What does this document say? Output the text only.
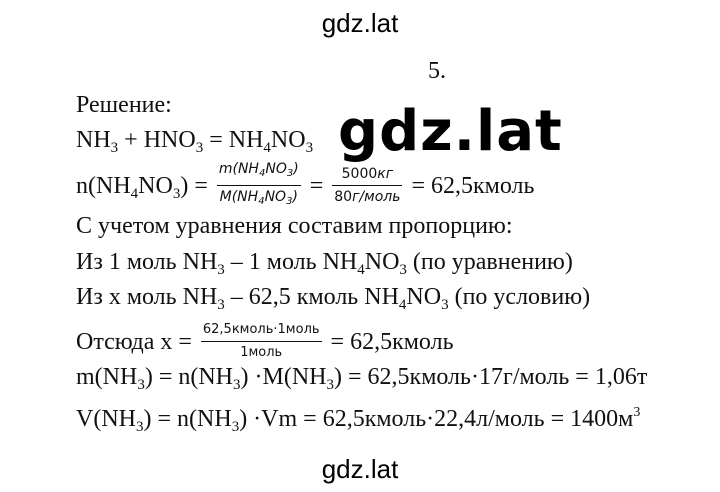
gdz.lat
5.
Решение:
$NH_3 + HNO_3 = NH_4NO_3$
$n(NH_4NO_3) = \frac{m(NH_4NO_3)}{M(NH_4NO_3)} = \frac{5000кг}{\text{80г/моль}}$ = 62,5кмоль
С учетом уравнения составим пропорцию:
Из 1 моль $NH_3 - 1$ моль $NH_4NO_3$ (по уравнению)
Из х моль $NH_3 - 62,5$ кмоль $NH_4NO_3$ (по условию)
Отсюда $х = \frac{\text{62,5кмоль·1моль}}{\text{1моль}}$ = 62,5кмоль
$m(NH_3) = n(NH_3) \cdot M(NH_3)$ = 62,5кмоль·17г/моль = 1,06т
$V(NH_3) = n(NH_3) \cdot Vm$ = 62,5кмоль·22,4л/моль = $1400м^3$
gdz.lat
gdz.lat
